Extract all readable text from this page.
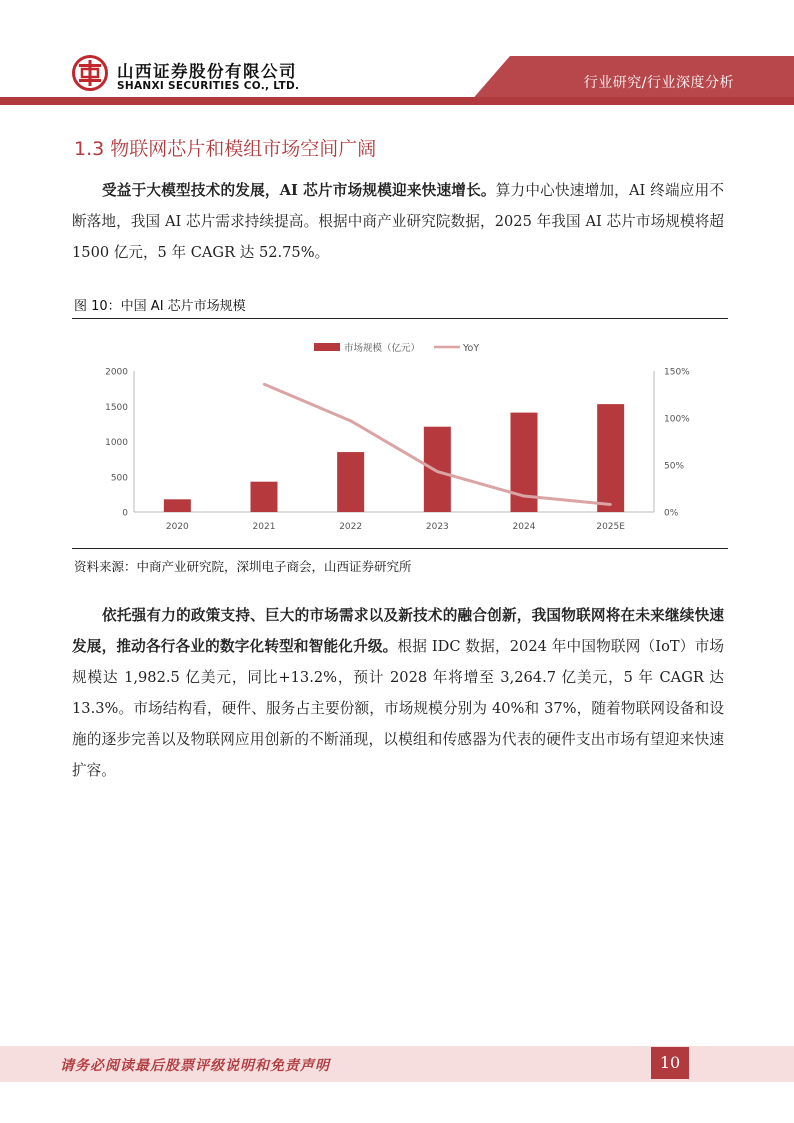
山西证券股份有限公司
SHANXI SECURITIES CO., LTD.	行业研究/行业深度分析
1.3 物联网芯片和模组市场空间广阔

受益于大模型技术的发展，AI 芯片市场规模迎来快速增长。算力中心快速增加，AI 终端应用不断落地，我国 AI 芯片需求持续提高。根据中商产业研究院数据，2025 年我国 AI 芯片市场规模将超 1500 亿元，5 年 CAGR 达 52.75%。

图 10：中国 AI 芯片市场规模
市场规模（亿元）	YoY
0
500
1000
1500
2000
0%
50%
100%
150%
2020	2021	2022	2023	2024	2025E
资料来源：中商产业研究院，深圳电子商会，山西证券研究所

依托强有力的政策支持、巨大的市场需求以及新技术的融合创新，我国物联网将在未来继续快速发展，推动各行各业的数字化转型和智能化升级。根据 IDC 数据，2024 年中国物联网（IoT）市场规模达 1,982.5 亿美元，同比+13.2%，预计 2028 年将增至 3,264.7 亿美元，5 年 CAGR 达 13.3%。市场结构看，硬件、服务占主要份额，市场规模分别为 40%和 37%，随着物联网设备和设施的逐步完善以及物联网应用创新的不断涌现，以模组和传感器为代表的硬件支出市场有望迎来快速扩容。

请务必阅读最后股票评级说明和免责声明	10
